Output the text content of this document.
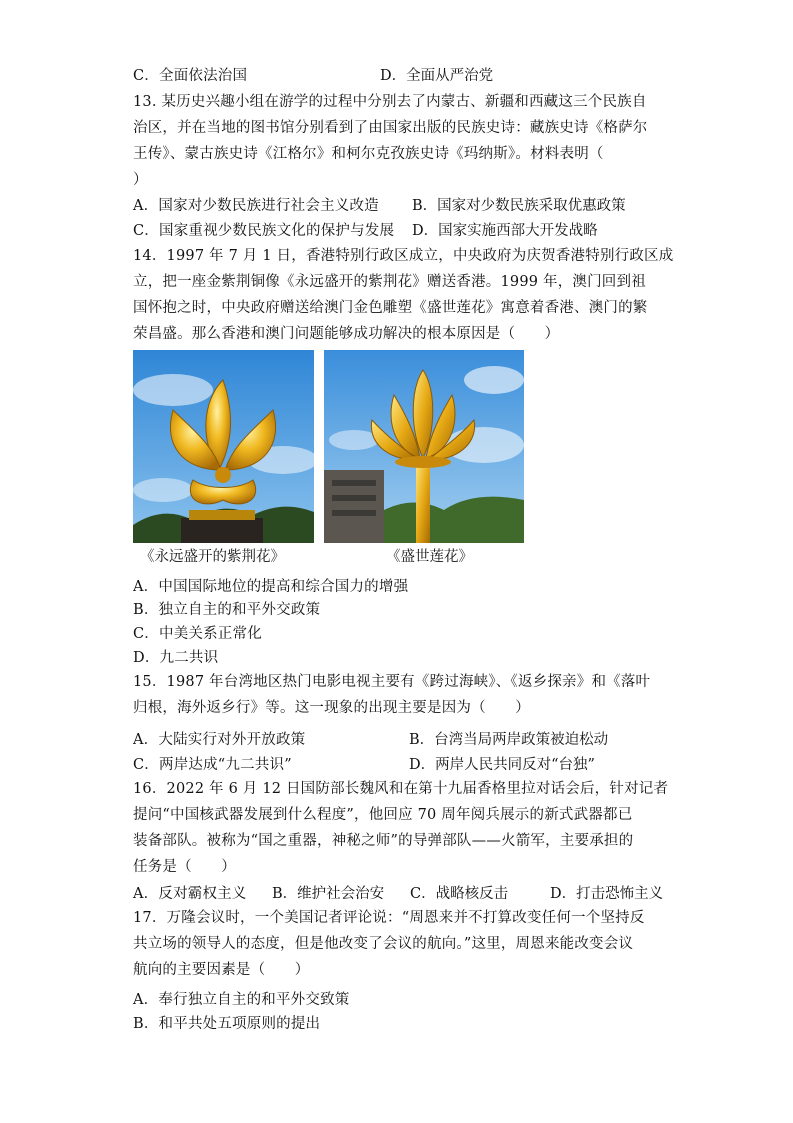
C．全面依法治国	D．全面从严治党
13. 某历史兴趣小组在游学的过程中分别去了内蒙古、新疆和西藏这三个民族自
治区，并在当地的图书馆分别看到了由国家出版的民族史诗：藏族史诗《格萨尔
王传》、蒙古族史诗《江格尔》和柯尔克孜族史诗《玛纳斯》。材料表明（
）
A．国家对少数民族进行社会主义改造 B．国家对少数民族采取优惠政策
C．国家重视少数民族文化的保护与发展 D．国家实施西部大开发战略
14．1997 年 7 月 1 日，香港特别行政区成立，中央政府为庆贺香港特别行政区成
立，把一座金紫荆铜像《永远盛开的紫荆花》赠送香港。1999 年，澳门回到祖
国怀抱之时，中央政府赠送给澳门金色雕塑《盛世莲花》寓意着香港、澳门的繁
荣昌盛。那么香港和澳门问题能够成功解决的根本原因是（　　）
《永远盛开的紫荆花》	《盛世莲花》
A．中国国际地位的提高和综合国力的增强
B．独立自主的和平外交政策
C．中美关系正常化
D．九二共识
15．1987 年台湾地区热门电影电视主要有《跨过海峡》、《返乡探亲》和《落叶
归根，海外返乡行》等。这一现象的出现主要是因为（　　）
A．大陆实行对外开放政策	B．台湾当局两岸政策被迫松动
C．两岸达成“九二共识”	D．两岸人民共同反对“台独”
16．2022 年 6 月 12 日国防部长魏风和在第十九届香格里拉对话会后，针对记者
提问“中国核武器发展到什么程度”，他回应 70 周年阅兵展示的新式武器都已
装备部队。被称为“国之重器，神秘之师”的导弹部队——火箭军，主要承担的
任务是（　　）
A．反对霸权主义 B．维护社会治安 C．战略核反击	D．打击恐怖主义
17．万隆会议时，一个美国记者评论说：“周恩来并不打算改变任何一个坚持反
共立场的领导人的态度，但是他改变了会议的航向。”这里，周恩来能改变会议
航向的主要因素是（　　）
A．奉行独立自主的和平外交致策
B．和平共处五项原则的提出
